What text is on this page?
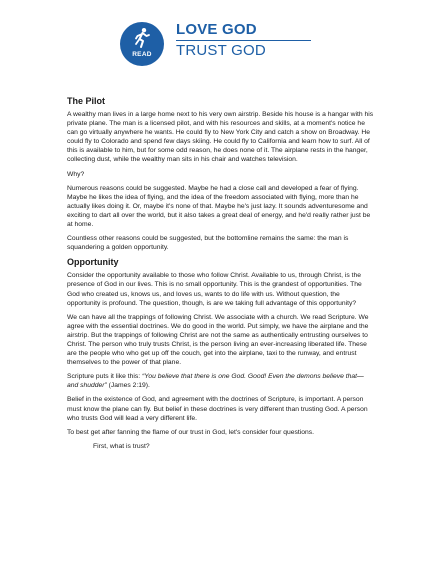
READ
LOVE GOD
TRUST GOD
The Pilot

A wealthy man lives in a large home next to his very own airstrip. Beside his house is a hangar with his private plane. The man is a licensed pilot, and with his resources and skills, at a moment's notice he can go virtually anywhere he wants. He could fly to New York City and catch a show on Broadway. He could fly to Colorado and spend few days skiing. He could fly to California and learn how to surf. All of this is available to him, but for some odd reason, he does none of it. The airplane rests in the hanger, collecting dust, while the wealthy man sits in his chair and watches television.

Why?

Numerous reasons could be suggested. Maybe he had a close call and developed a fear of flying. Maybe he likes the idea of flying, and the idea of the freedom associated with flying, more than he actually likes doing it. Or, maybe it's none of that. Maybe he's just lazy. It sounds adventuresome and exciting to dart all over the world, but it also takes a great deal of energy, and he'd really rather just be at home.

Countless other reasons could be suggested, but the bottomline remains the same: the man is squandering a golden opportunity.

Opportunity

Consider the opportunity available to those who follow Christ. Available to us, through Christ, is the presence of God in our lives. This is no small opportunity. This is the grandest of opportunities. The God who created us, knows us, and loves us, wants to do life with us. Without question, the opportunity is profound. The question, though, is are we taking full advantage of this opportunity?

We can have all the trappings of following Christ. We associate with a church. We read Scripture. We agree with the essential doctrines. We do good in the world. Put simply, we have the airplane and the airstrip. But the trappings of following Christ are not the same as authentically entrusting ourselves to Christ. The person who truly trusts Christ, is the person living an ever-increasing liberated life. These are the people who who get up off the couch, get into the airplane, taxi to the runway, and entrust themselves to the power of that plane.

Scripture puts it like this: “You believe that there is one God. Good! Even the demons believe that—and shudder” (James 2:19).

Belief in the existence of God, and agreement with the doctrines of Scripture, is important. A person must know the plane can fly. But belief in these doctrines is very different than trusting God. A person who trusts God will lead a very different life.

To best get after fanning the flame of our trust in God, let's consider four questions.

First, what is trust?
